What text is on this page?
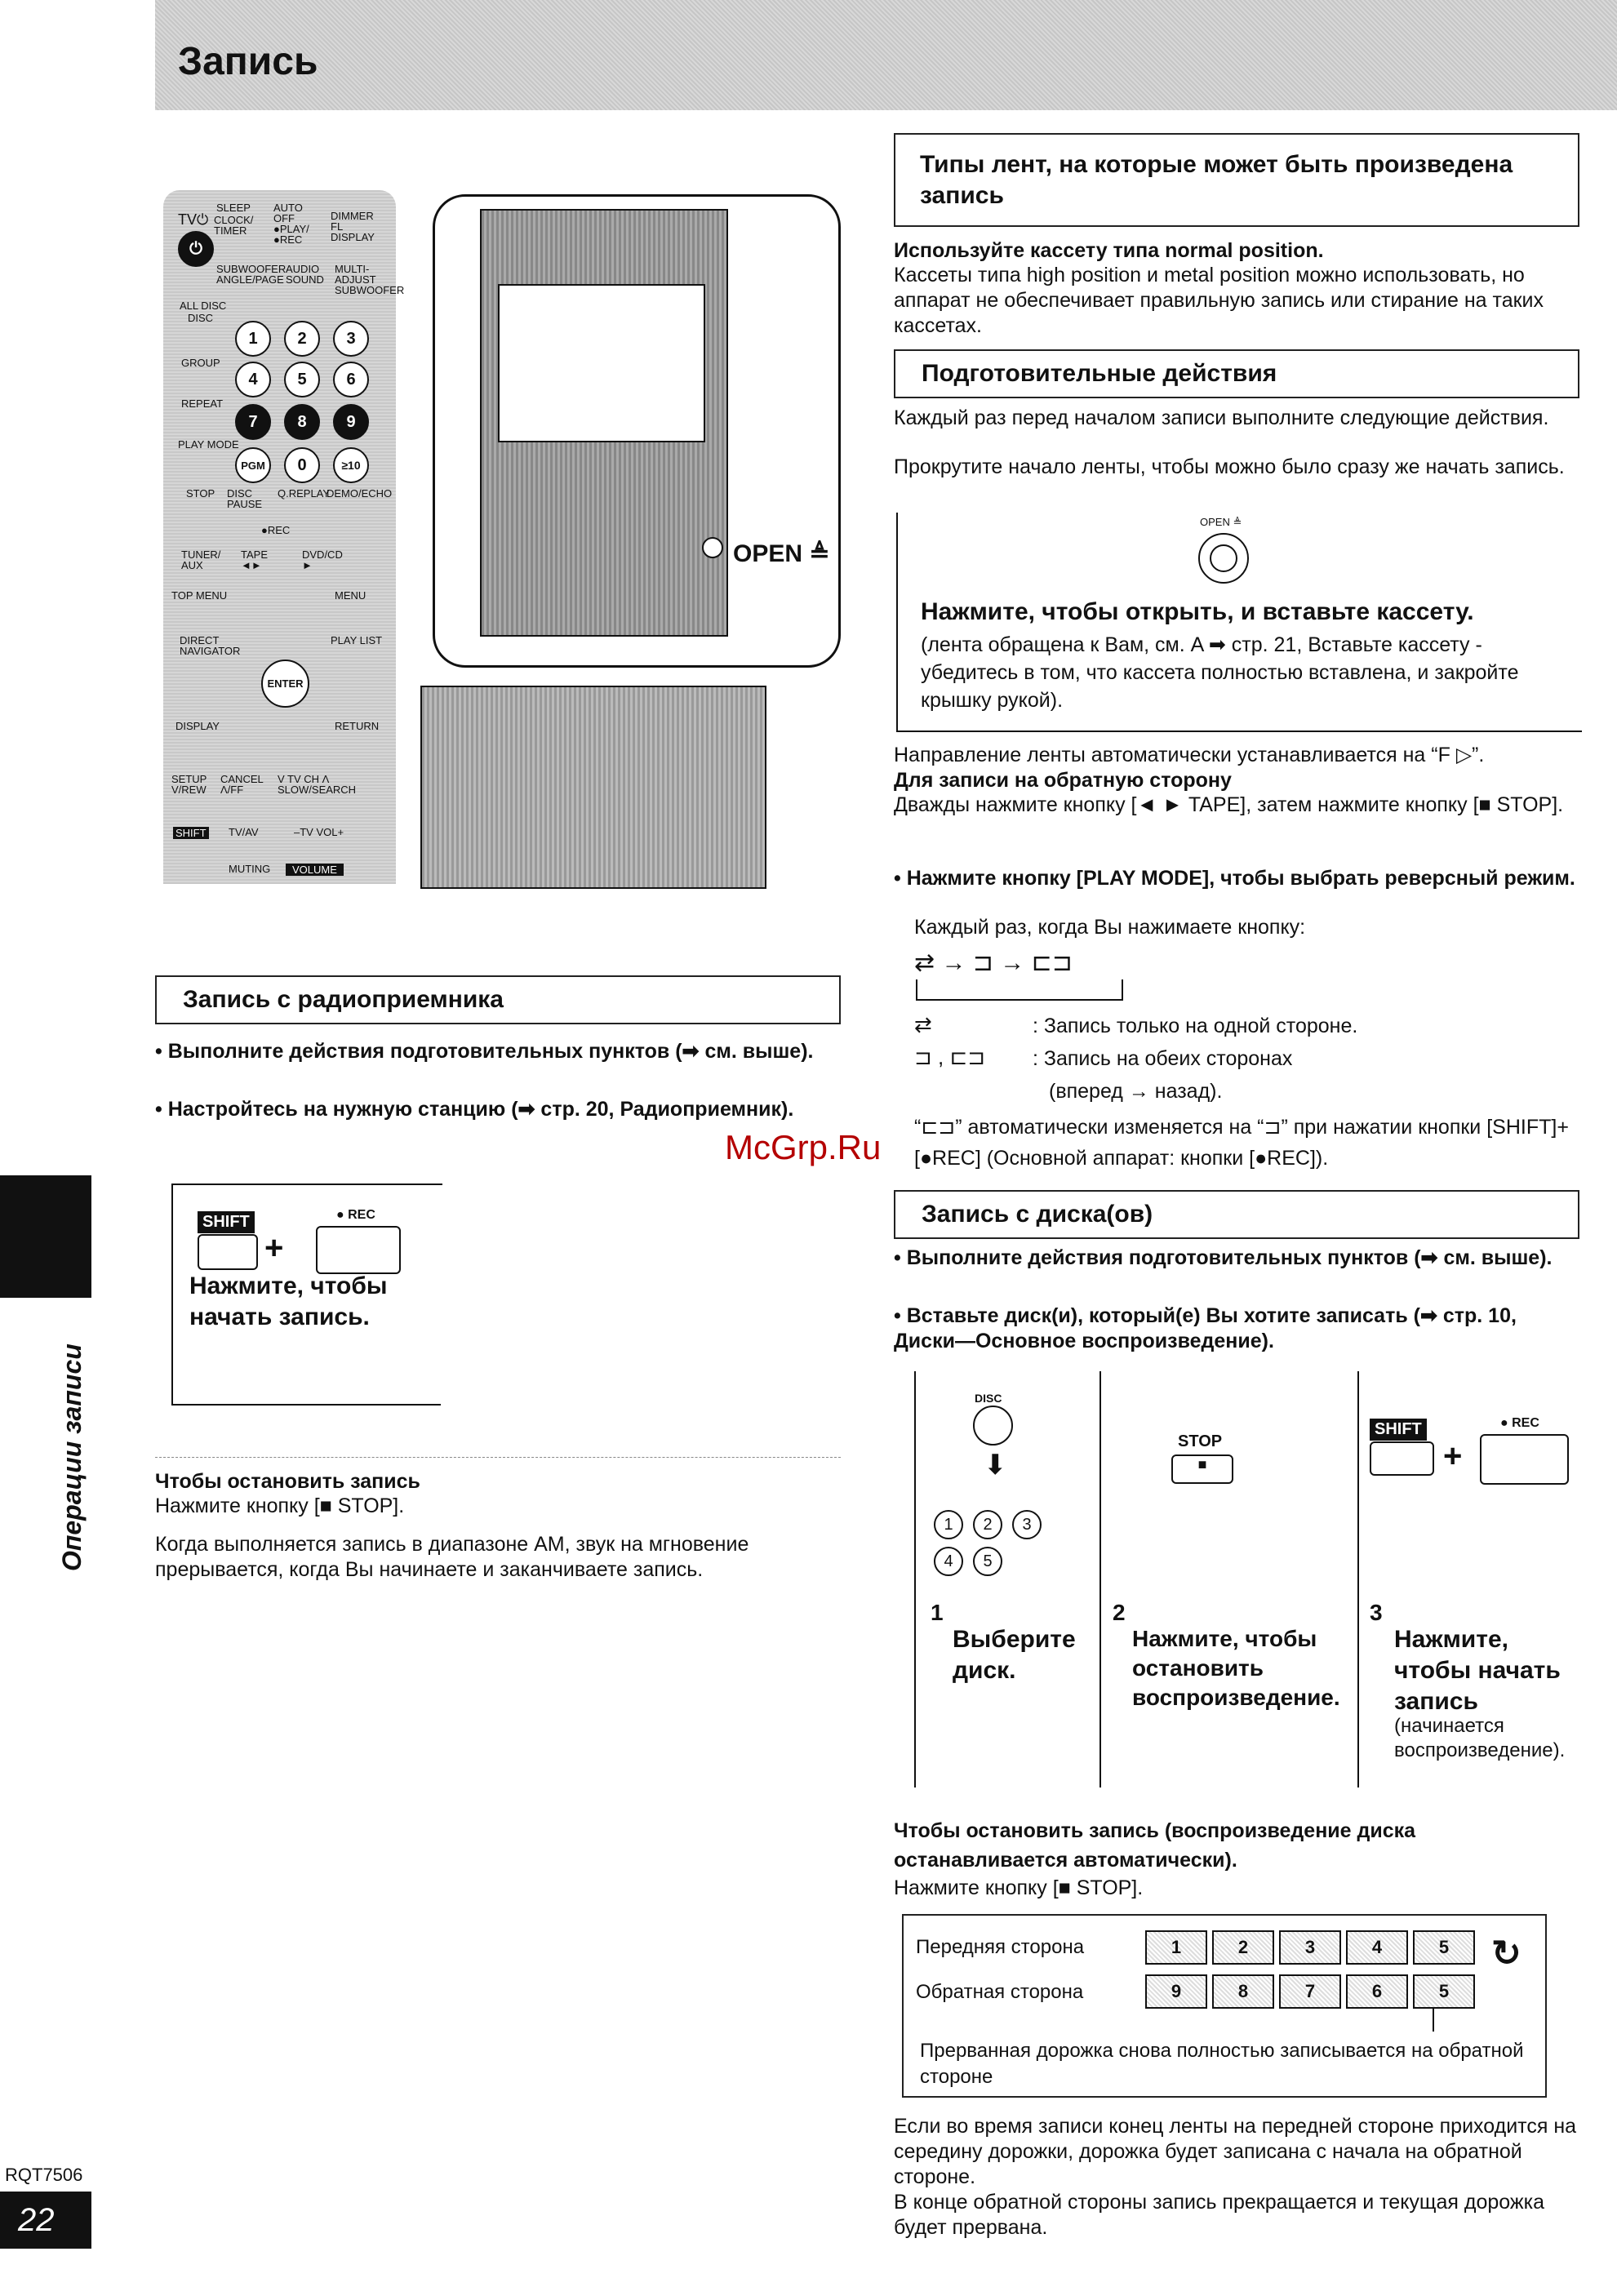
Запись
⏻
TV⏻
SLEEP
CLOCK/ TIMER
AUTO OFF ●PLAY/ ●REC
DIMMER FL DISPLAY
SUBWOOFER ANGLE/PAGE
AUDIO SOUND
MULTI-ADJUST SUBWOOFER
ALL DISC
DISC
1	2	3
GROUP
4	5	6
REPEAT
7	8	9
PLAY MODE
PGM	0	≥10
STOP DISC PAUSE
Q.REPLAY
DEMO/ECHO
●REC
TUNER/ AUX
TAPE ◄►
DVD/CD ►
TOP MENU	MENU
DIRECT NAVIGATOR
PLAY LIST
ENTER
DISPLAY	RETURN
SETUP V/REW
CANCEL Λ/FF
V TV CH Λ SLOW/SEARCH
SHIFT TV/AV	–TV VOL+
MUTING	VOLUME
OPEN ≜
Запись с радиоприемника
• Выполните действия подготовительных пунктов (➡ см. выше).
• Настройтесь на нужную станцию (➡ стр. 20, Радиоприемник).
SHIFT
+
● REC
Нажмите, чтобы начать запись.
Чтобы остановить запись
Нажмите кнопку [■ STOP].
Когда выполняется запись в диапазоне AM, звук на мгновение прерывается, когда Вы начинаете и заканчиваете запись.
Операции записи
RQT7506
22
McGrp.Ru
Типы лент, на которые может быть произведена запись
Используйте кассету типа normal position.
Кассеты типа high position и metal position можно использовать, но аппарат не обеспечивает правильную запись или стирание на таких кассетах.
Подготовительные действия
Каждый раз перед началом записи выполните следующие действия.
Прокрутите начало ленты, чтобы можно было сразу же начать запись.
OPEN ≜
Нажмите, чтобы открыть, и вставьте кассету.
(лента обращена к Вам, см. A ➡ стр. 21, Вставьте кассету - убедитесь в том, что кассета полностью вставлена, и закройте крышку рукой).
Направление ленты автоматически устанавливается на “F ▷”.
Для записи на обратную сторону
Дважды нажмите кнопку [◄ ► TAPE], затем нажмите кнопку [■ STOP].
• Нажмите кнопку [PLAY MODE], чтобы выбрать реверсный режим.
Каждый раз, когда Вы нажимаете кнопку:
⇄ → ⊐ → ⊏⊐
⇄	: Запись только на одной стороне.
⊐ , ⊏⊐ : Запись на обеих сторонах
(вперед → назад).
“⊏⊐” автоматически изменяется на “⊐” при нажатии кнопки [SHIFT]+[●REC] (Основной аппарат: кнопки [●REC]).
Запись с диска(ов)
• Выполните действия подготовительных пунктов (➡ см. выше).
• Вставьте диск(и), который(е) Вы хотите записать (➡ стр. 10, Диски—Основное воспроизведение).
DISC
⬇
1	2	3
4	5
1
Выберите диск.
STOP
■
2
Нажмите, чтобы остановить воспроизведение.
SHIFT
+
● REC
3
Нажмите, чтобы начать запись
(начинается воспроизведение).
Чтобы остановить запись (воспроизведение диска останавливается автоматически).
Нажмите кнопку [■ STOP].
Передняя сторона
Обратная сторона
1	2	3	4	5
9	8	7	6	5
↻
Прерванная дорожка снова полностью записывается на обратной стороне
Если во время записи конец ленты на передней стороне приходится на середину дорожки, дорожка будет записана с начала на обратной стороне.
В конце обратной стороны запись прекращается и текущая дорожка будет прервана.
